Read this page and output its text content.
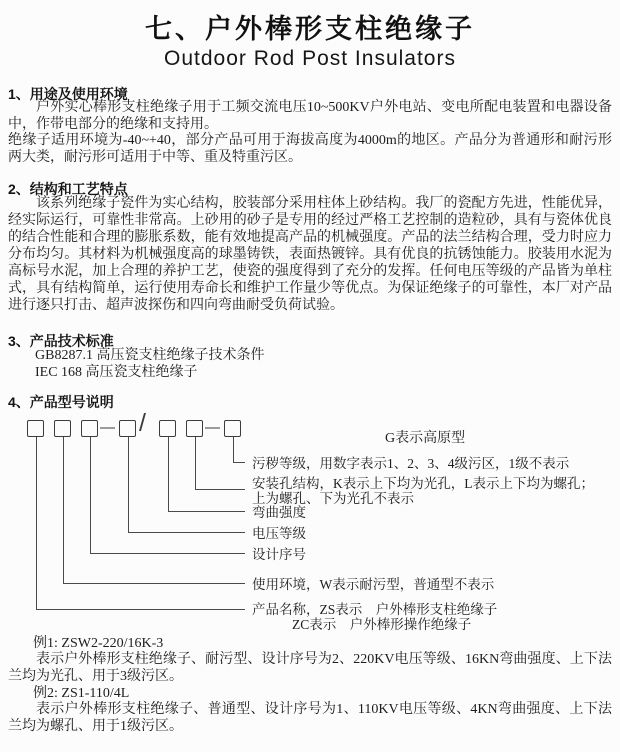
七、户外棒形支柱绝缘子
Outdoor Rod Post Insulators
1、用途及使用环境
户外实心棒形支柱绝缘子用于工频交流电压10~500KV户外电站、变电所配电装置和电器设备中，作带电部分的绝缘和支持用。
绝缘子适用环境为-40~+40，部分产品可用于海拔高度为4000m的地区。产品分为普通形和耐污形两大类，耐污形可适用于中等、重及特重污区。
2、结构和工艺特点
该系列绝缘子瓷件为实心结构，胶装部分采用柱体上砂结构。我厂的瓷配方先进，性能优异，经实际运行，可靠性非常高。上砂用的砂子是专用的经过严格工艺控制的造粒砂，具有与瓷体优良的结合性能和合理的膨胀系数，能有效地提高产品的机械强度。产品的法兰结构合理，受力时应力分布均匀。其材料为机械强度高的球墨铸铁，表面热镀锌。具有优良的抗锈蚀能力。胶装用水泥为高标号水泥，加上合理的养护工艺，使瓷的强度得到了充分的发挥。任何电压等级的产品皆为单柱式，具有结构简单，运行使用寿命长和维护工作量少等优点。为保证绝缘子的可靠性，本厂对产品进行逐只打击、超声波探伤和四向弯曲耐受负荷试验。
3、产品技术标准
GB8287.1 高压瓷支柱绝缘子技术条件
IEC 168 高压瓷支柱绝缘子
4、产品型号说明
— /	—
G表示高原型
污秽等级，用数字表示1、2、3、4级污区，1级不表示
安装孔结构，K表示上下均为光孔，L表示上下均为螺孔；
上为螺孔、下为光孔不表示
弯曲强度
电压等级
设计序号
使用环境，W表示耐污型，普通型不表示
产品名称，ZS表示　户外棒形支柱绝缘子
ZC表示　户外棒形操作绝缘子
例1: ZSW2-220/16K-3
表示户外棒形支柱绝缘子、耐污型、设计序号为2、220KV电压等级、16KN弯曲强度、上下法兰均为光孔、用于3级污区。
例2: ZS1-110/4L
表示户外棒形支柱绝缘子、普通型、设计序号为1、110KV电压等级、4KN弯曲强度、上下法兰均为螺孔、用于1级污区。
